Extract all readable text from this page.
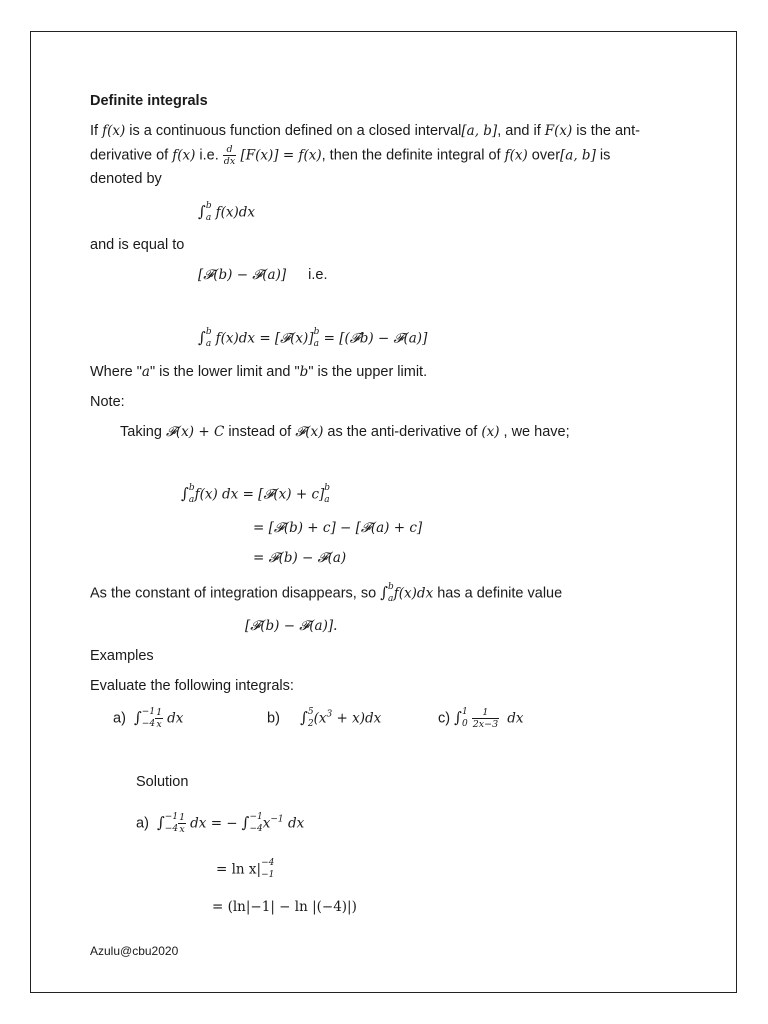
Definite integrals
If f(x) is a continuous function defined on a closed interval[a, b], and if F(x) is the ant-
derivative of f(x) i.e. $\frac{d}{dx} [F(x)] = f(x)$, then the definite integral of f(x) over[a, b] is
denoted by
∫ b
a f(x)dx
and is equal to
[𝓕(b) − 𝓕(a)] i.e.
∫ b
a f(x)dx = [𝓕(x)] b
a = [(𝓕b) − 𝓕(a)]
Where "a" is the lower limit and "b" is the upper limit.
Note:
Taking 𝓕(x) + C instead of 𝓕(x) as the anti-derivative of (x) , we have;
∫ b
a f(x) dx = [𝓕(x) + c] b
a
= [𝓕(b) + c] − [𝓕(a) + c]
= 𝓕(b) − 𝓕(a)
As the constant of integration disappears, so ∫ b
a f(x)dx has a definite value
[𝓕(b) − 𝓕(a)].
Examples
Evaluate the following integrals:
a) ∫ −1
$-4 \frac{1}{x}$ dx	b) ∫ 5
2 $(x^3 + x)dx$	c) ∫ 1
0
$\frac{1}{2x-3}$ dx
Solution
a) ∫ −1
$-4 \frac{1}{x}$ dx = − ∫ −1
−4 $x^{-1}$ dx
= ln x| −4
−1
= (ln|−1| − ln |(−4)|)
Azulu@cbu2020
